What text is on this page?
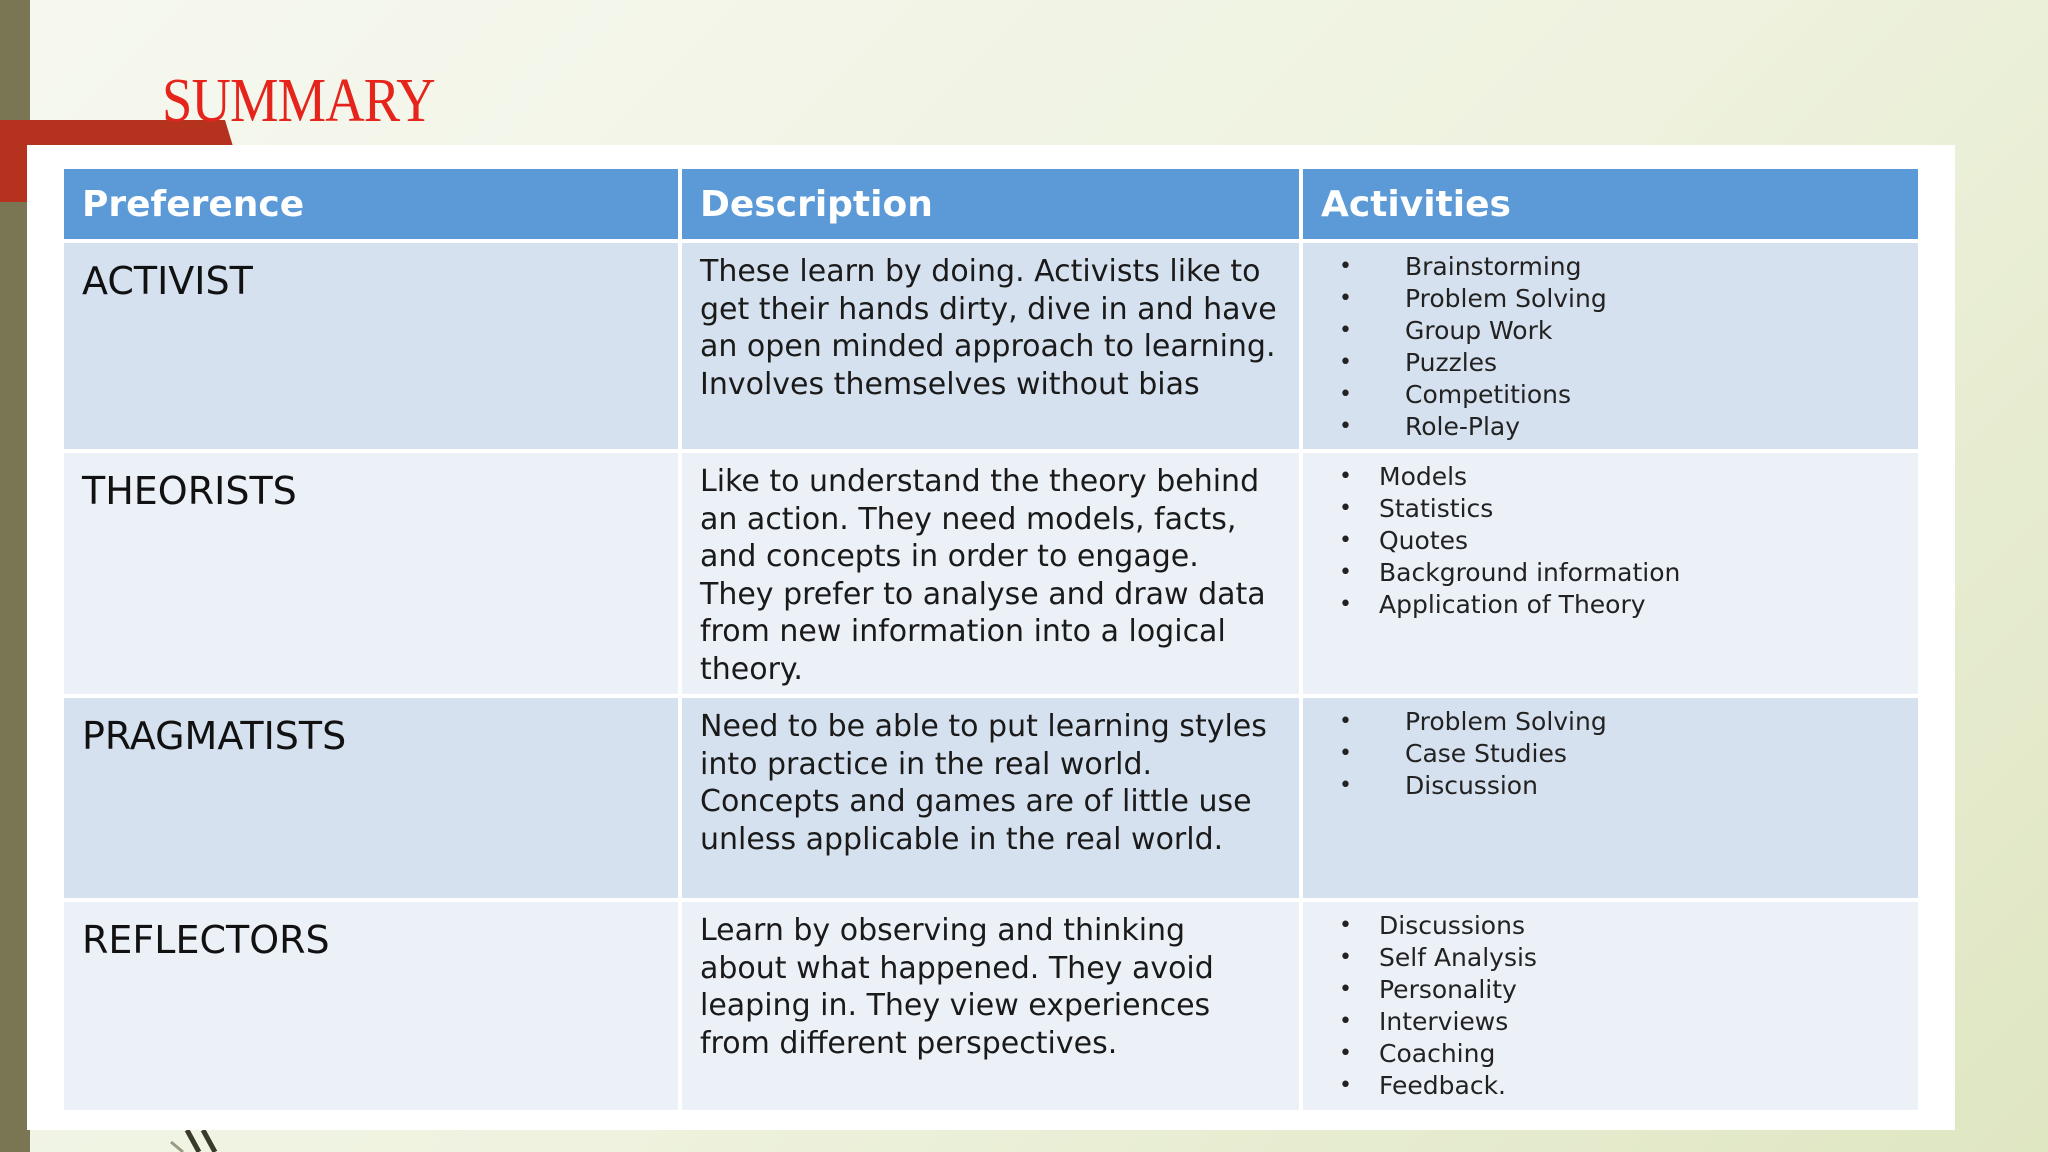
SUMMARY
Preference	Description	Activities
ACTIVIST	These learn by doing. Activists like to get their hands dirty, dive in and have an open minded approach to learning. Involves themselves without bias
•	Brainstorming
•	Problem Solving
•	Group Work
•	Puzzles
•	Competitions
•	Role-Play
THEORISTS	Like to understand the theory behind an action. They need models, facts, and concepts in order to engage. They prefer to analyse and draw data from new information into a logical theory.
•	Models
•	Statistics
•	Quotes
•	Background information
•	Application of Theory
PRAGMATISTS	Need to be able to put learning styles into practice in the real world. Concepts and games are of little use unless applicable in the real world.
•	Problem Solving
•	Case Studies
•	Discussion
REFLECTORS	Learn by observing and thinking about what happened. They avoid leaping in. They view experiences from different perspectives.
•	Discussions
•	Self Analysis
•	Personality
•	Interviews
•	Coaching
•	Feedback.
